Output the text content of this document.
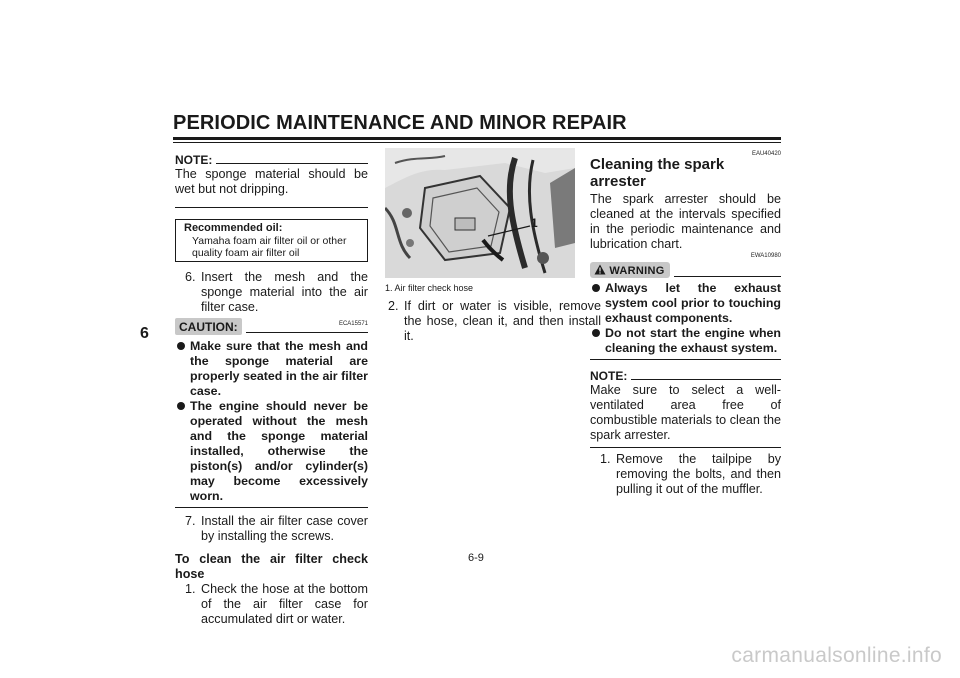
PERIODIC MAINTENANCE AND MINOR REPAIR
6
NOTE:
The sponge material should be wet but not dripping.
Recommended oil:
Yamaha foam air filter oil or other quality foam air filter oil
6. Insert the mesh and the sponge material into the air filter case.
CAUTION:	ECA15571
Make sure that the mesh and the sponge material are properly seated in the air filter case.
The engine should never be operated without the mesh and the sponge material installed, otherwise the piston(s) and/or cylinder(s) may become excessively worn.
7. Install the air filter case cover by installing the screws.
To clean the air filter check hose
1. Check the hose at the bottom of the air filter case for accumulated dirt or water.
1
1. Air filter check hose
2. If dirt or water is visible, remove the hose, clean it, and then install it.
EAU40420
Cleaning the spark arrester
The spark arrester should be cleaned at the intervals specified in the periodic maintenance and lubrication chart.
EWA10980
WARNING
Always let the exhaust system cool prior to touching exhaust components.
Do not start the engine when cleaning the exhaust system.
NOTE:
Make sure to select a well-ventilated area free of combustible materials to clean the spark arrester.
1. Remove the tailpipe by removing the bolts, and then pulling it out of the muffler.
6-9
carmanualsonline.info
